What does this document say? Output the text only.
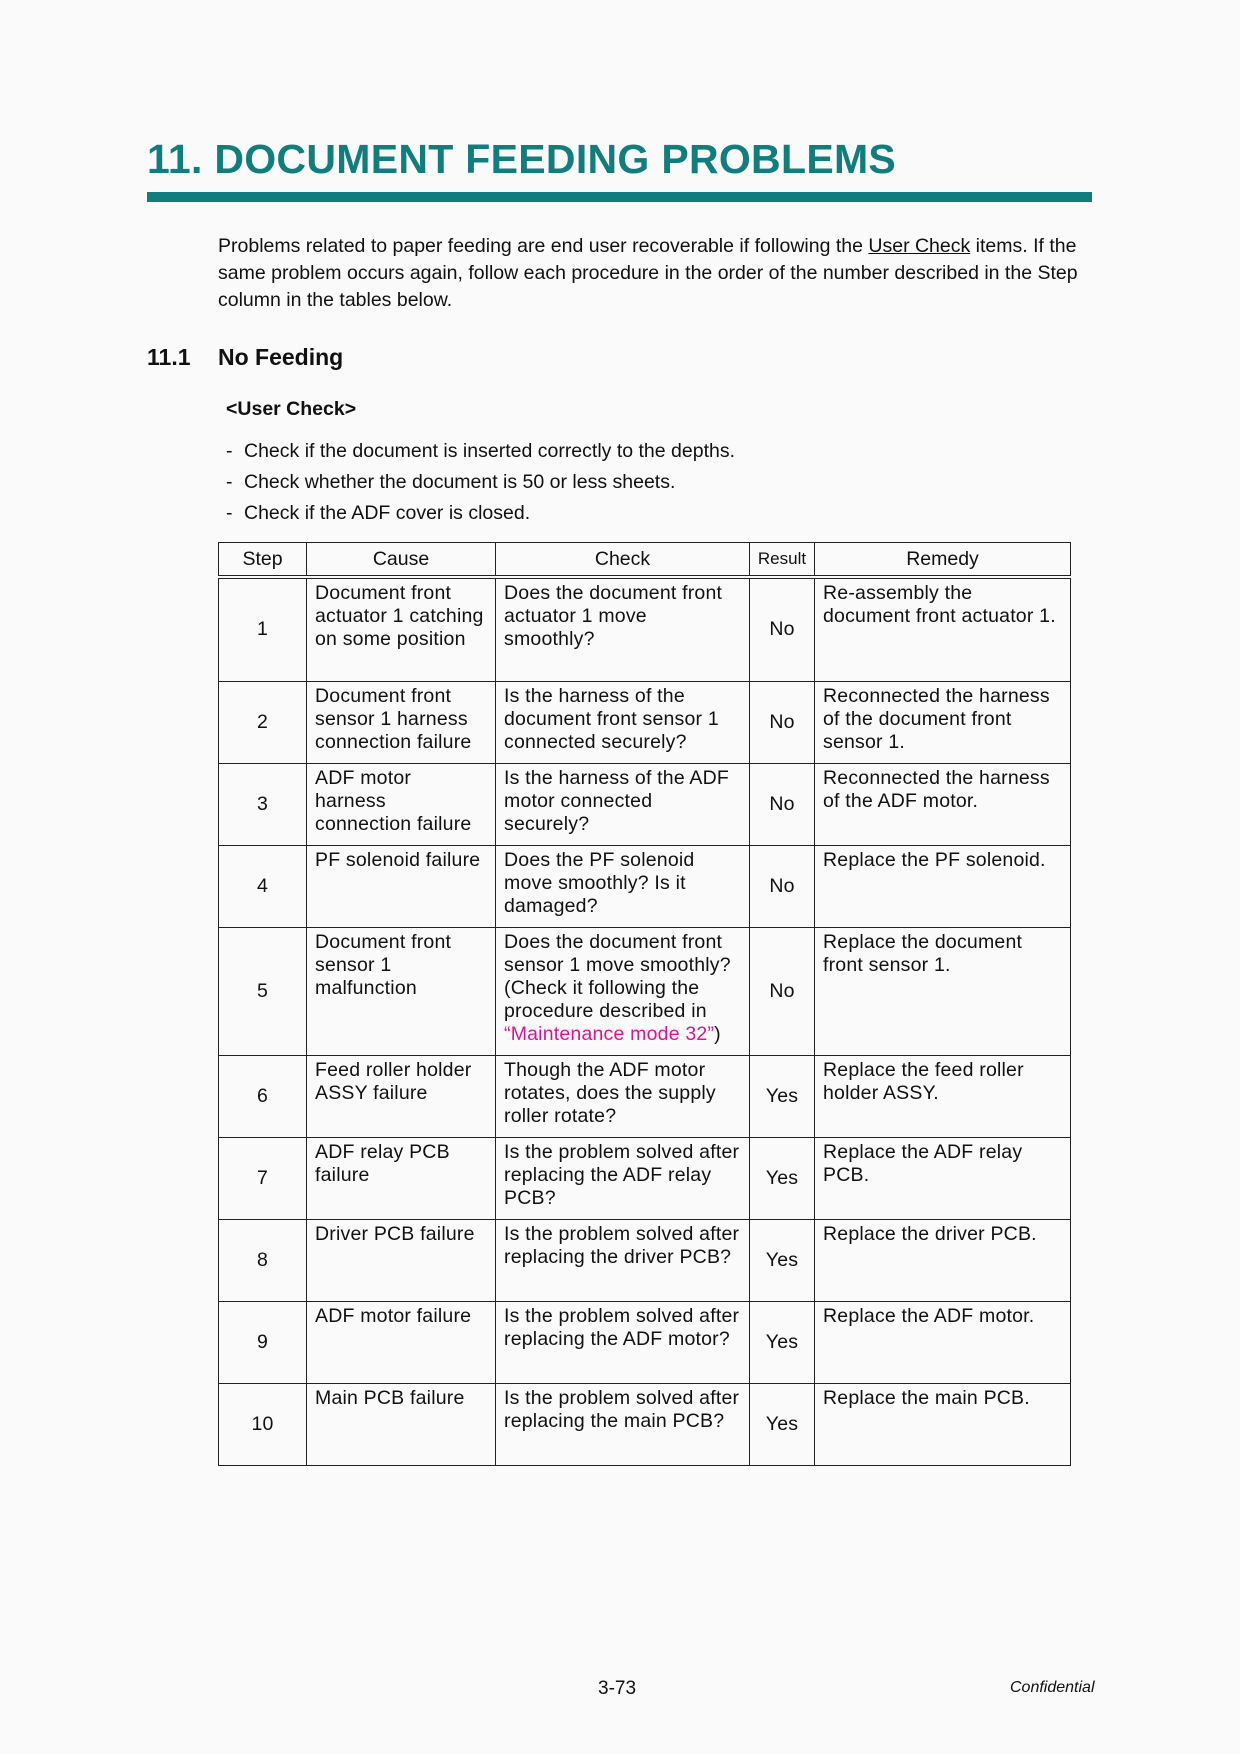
11. DOCUMENT FEEDING PROBLEMS

Problems related to paper feeding are end user recoverable if following the User Check items. If the same problem occurs again, follow each procedure in the order of the number described in the Step column in the tables below.

11.1 No Feeding
<User Check>
- Check if the document is inserted correctly to the depths.
- Check whether the document is 50 or less sheets.
- Check if the ADF cover is closed.
Step	Cause	Check	Result	Remedy
1	Document front actuator 1 catching on some position	Does the document front actuator 1 move smoothly?	No	Re-assembly the document front actuator 1.
2	Document front sensor 1 harness connection failure	Is the harness of the document front sensor 1 connected securely?	No	Reconnected the harness of the document front sensor 1.
3	ADF motor harness connection failure	Is the harness of the ADF motor connected securely?	No	Reconnected the harness of the ADF motor.
4	PF solenoid failure	Does the PF solenoid move smoothly? Is it damaged?	No	Replace the PF solenoid.
5	Document front sensor 1 malfunction	Does the document front sensor 1 move smoothly? (Check it following the procedure described in “Maintenance mode 32”)	No	Replace the document front sensor 1.
6	Feed roller holder ASSY failure	Though the ADF motor rotates, does the supply roller rotate?	Yes	Replace the feed roller holder ASSY.
7	ADF relay PCB failure	Is the problem solved after replacing the ADF relay PCB?	Yes	Replace the ADF relay PCB.
8	Driver PCB failure	Is the problem solved after replacing the driver PCB?	Yes	Replace the driver PCB.
9	ADF motor failure	Is the problem solved after replacing the ADF motor?	Yes	Replace the ADF motor.
10	Main PCB failure	Is the problem solved after replacing the main PCB?	Yes	Replace the main PCB.
3-73	Confidential
